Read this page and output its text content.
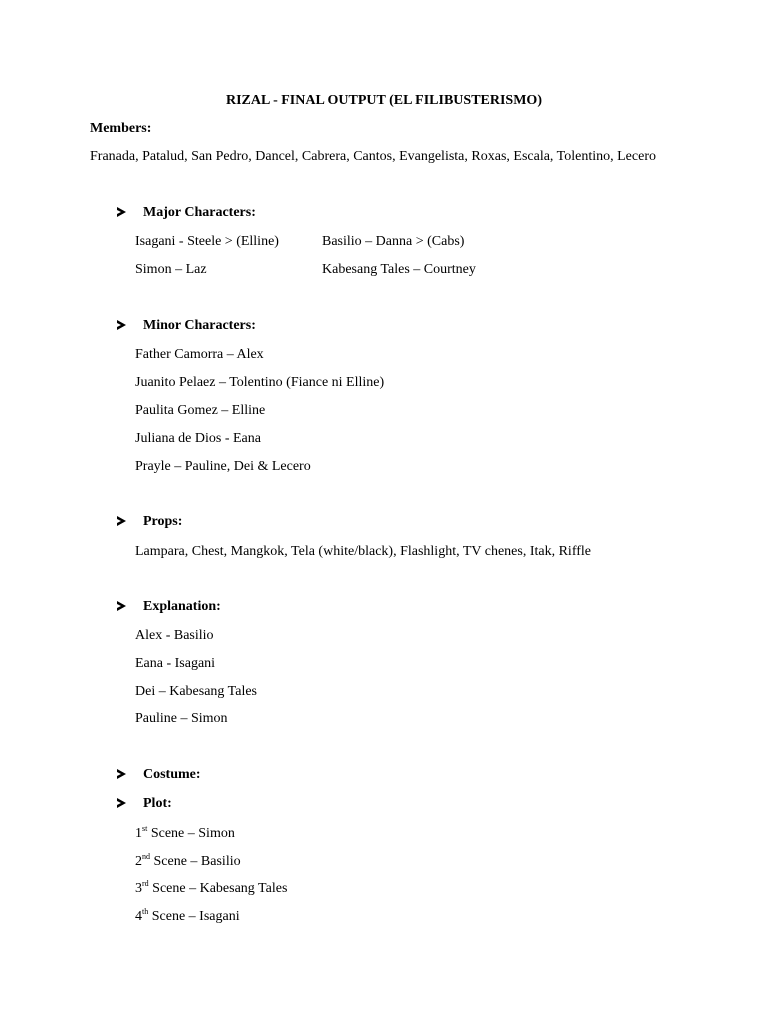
RIZAL - FINAL OUTPUT (EL FILIBUSTERISMO)
Members:
Franada, Patalud, San Pedro, Dancel, Cabrera, Cantos, Evangelista, Roxas, Escala, Tolentino, Lecero
Major Characters:
Isagani - Steele > (Elline)	Basilio – Danna > (Cabs)
Simon – Laz	Kabesang Tales – Courtney
Minor Characters:
Father Camorra – Alex
Juanito Pelaez – Tolentino (Fiance ni Elline)
Paulita Gomez – Elline
Juliana de Dios - Eana
Prayle – Pauline, Dei & Lecero
Props:
Lampara, Chest, Mangkok, Tela (white/black), Flashlight, TV chenes, Itak, Riffle
Explanation:
Alex - Basilio
Eana - Isagani
Dei – Kabesang Tales
Pauline – Simon
Costume:
Plot:
1st Scene – Simon
2nd Scene – Basilio
3rd Scene – Kabesang Tales
4th Scene – Isagani
